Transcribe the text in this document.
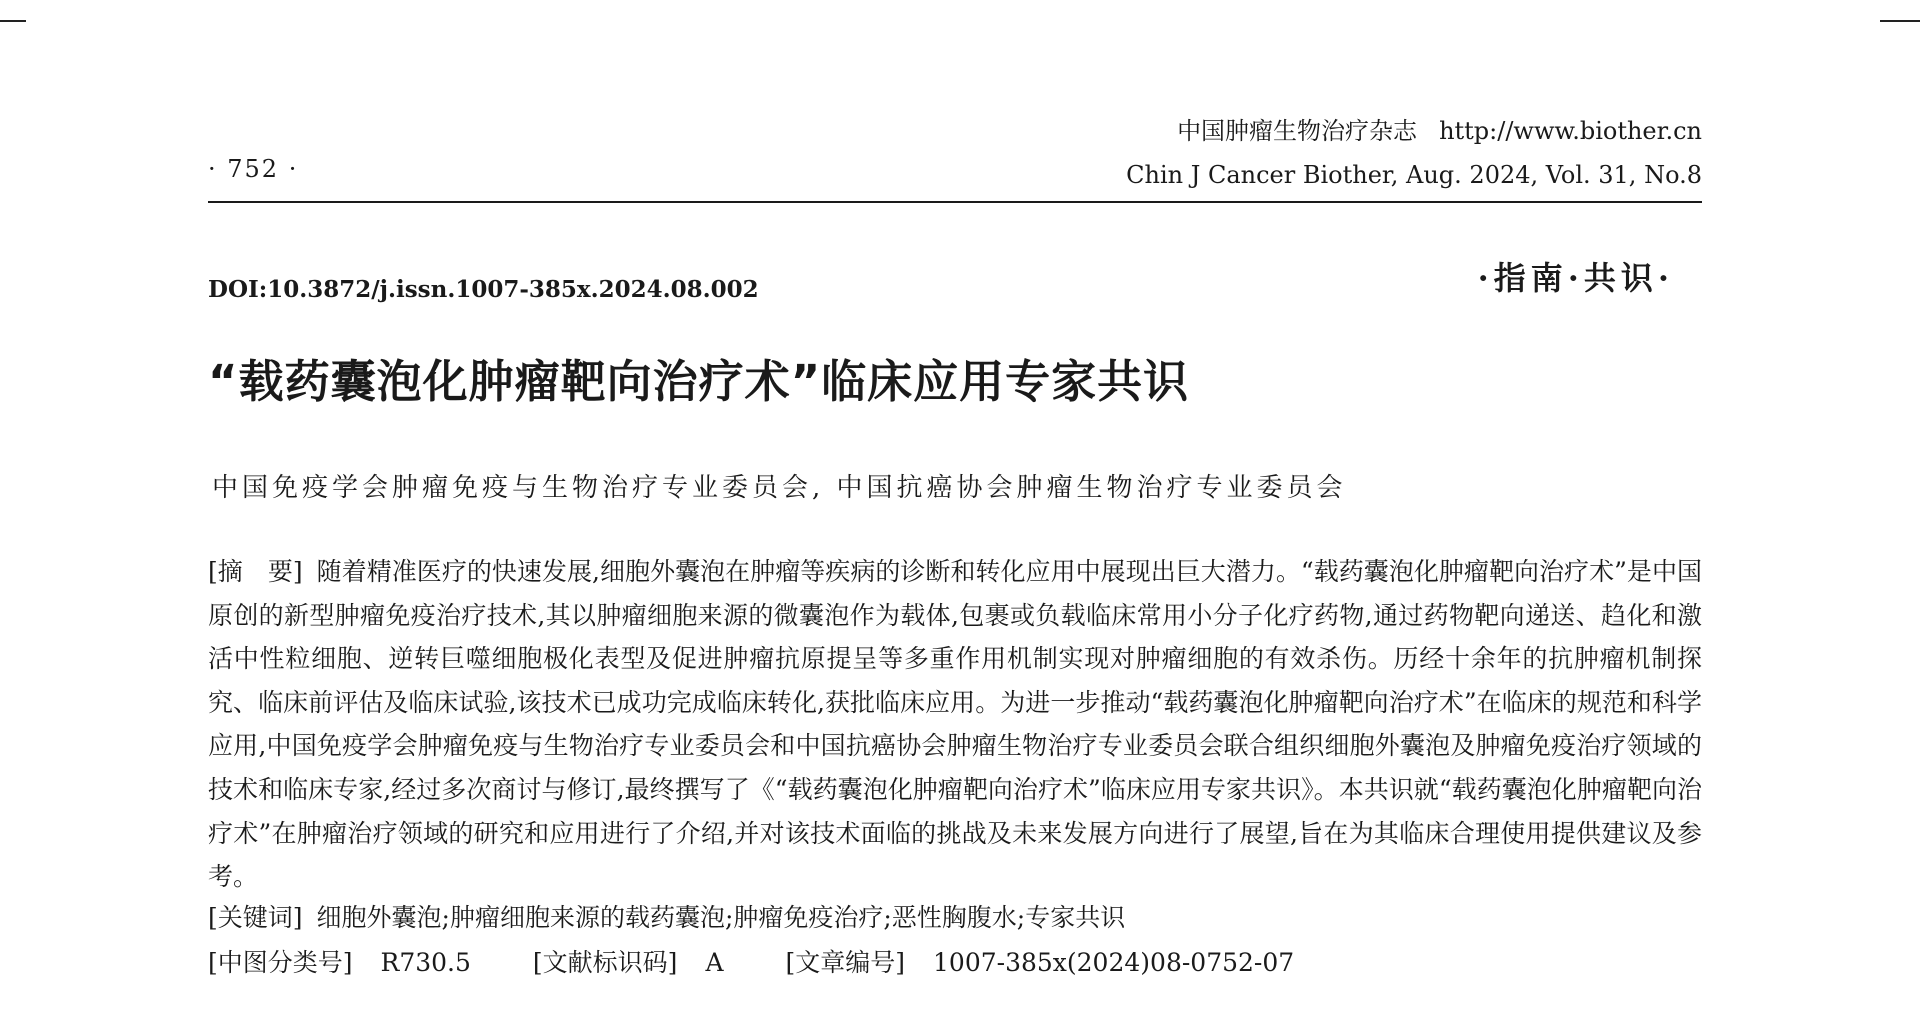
· 752 ·
中国肿瘤生物治疗杂志 http://www.biother.cn
Chin J Cancer Biother, Aug. 2024, Vol. 31, No.8
DOI:10.3872/j.issn.1007-385x.2024.08.002	·指南·共识·
“载药囊泡化肿瘤靶向治疗术”临床应用专家共识
中国免疫学会肿瘤免疫与生物治疗专业委员会, 中国抗癌协会肿瘤生物治疗专业委员会

[摘　要] 随着精准医疗的快速发展,细胞外囊泡在肿瘤等疾病的诊断和转化应用中展现出巨大潜力。“载药囊泡化肿瘤靶向治疗术”是中国原创的新型肿瘤免疫治疗技术,其以肿瘤细胞来源的微囊泡作为载体,包裹或负载临床常用小分子化疗药物,通过药物靶向递送、趋化和激活中性粒细胞、逆转巨噬细胞极化表型及促进肿瘤抗原提呈等多重作用机制实现对肿瘤细胞的有效杀伤。历经十余年的抗肿瘤机制探究、临床前评估及临床试验,该技术已成功完成临床转化,获批临床应用。为进一步推动“载药囊泡化肿瘤靶向治疗术”在临床的规范和科学应用,中国免疫学会肿瘤免疫与生物治疗专业委员会和中国抗癌协会肿瘤生物治疗专业委员会联合组织细胞外囊泡及肿瘤免疫治疗领域的技术和临床专家,经过多次商讨与修订,最终撰写了《“载药囊泡化肿瘤靶向治疗术”临床应用专家共识》。本共识就“载药囊泡化肿瘤靶向治疗术”在肿瘤治疗领域的研究和应用进行了介绍,并对该技术面临的挑战及未来发展方向进行了展望,旨在为其临床合理使用提供建议及参考。

[关键词] 细胞外囊泡;肿瘤细胞来源的载药囊泡;肿瘤免疫治疗;恶性胸腹水;专家共识
[中图分类号] R730.5 [文献标识码] A [文章编号] 1007-385x(2024)08-0752-07
